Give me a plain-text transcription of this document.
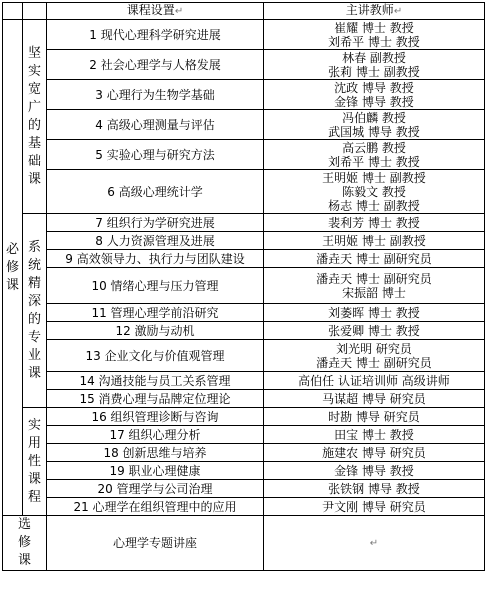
		课程设置↵	主讲教师↵
必修课	坚实宽广的基础课	1 现代心理科学研究进展	崔耀 博士 教授
刘希平 博士 教授

		2 社会心理学与人格发展	林春 副教授
张莉 博士 副教授

		3 心理行为生物学基础	沈政 博导 教授
金锋 博导 教授

		4 高级心理测量与评估	冯伯麟 教授
武国城 博导 教授

		5 实验心理与研究方法	高云鹏 教授
刘希平 博士 教授

		6 高级心理统计学	王明姬 博士 副教授
陈毅文 教授
杨志 博士 副教授

	系统精深的专业课	7 组织行为学研究进展	裴利芳 博士 教授
		8 人力资源管理及进展	王明姬 博士 副教授
		9 高效领导力、执行力与团队建设	潘垚天 博士 副研究员
		10 情绪心理与压力管理	潘垚天 博士 副研究员
宋振韶 博士

		11 管理心理学前沿研究	刘萎晖 博士 教授
		12 激励与动机	张爱卿 博士 教授
		13 企业文化与价值观管理	刘光明 研究员
潘垚天 博士 副研究员

		14 沟通技能与员工关系管理	高伯任 认证培训师 高级讲师
		15 消费心理与品牌定位理论	马谋超 博导 研究员
	实用性课程	16 组织管理诊断与咨询	时勘 博导 研究员
		17 组织心理分析	田宝 博士 教授
		18 创新思维与培养	施建农 博导 研究员
		19 职业心理健康	金锋 博导 教授
		20 管理学与公司治理	张铁钢 博导 教授
		21 心理学在组织管理中的应用	尹文刚 博导 研究员
选修课		心理学专题讲座	↵
